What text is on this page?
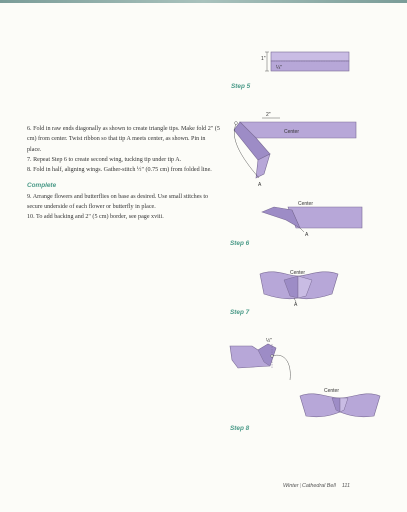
6. Fold in raw ends diagonally as shown to create triangle tips. Make fold 2" (5 cm) from center. Twist ribbon so that tip A meets center, as shown. Pin in place.

7. Repeat Step 6 to create second wing, tucking tip under tip A.

8. Fold in half, aligning wings. Gather-stitch ½" (0.75 cm) from folded line.

Complete

9. Arrange flowers and butterflies on base as desired. Use small stitches to secure underside of each flower or butterfly in place.

10. To add backing and 2" (5 cm) border, see page xviii.

1"
¼"
Step 5
2"
Center
A
Center
A
Step 6
Center
A
Step 7
½"
Center
Step 8
Winter|Cathedral Bell 111
